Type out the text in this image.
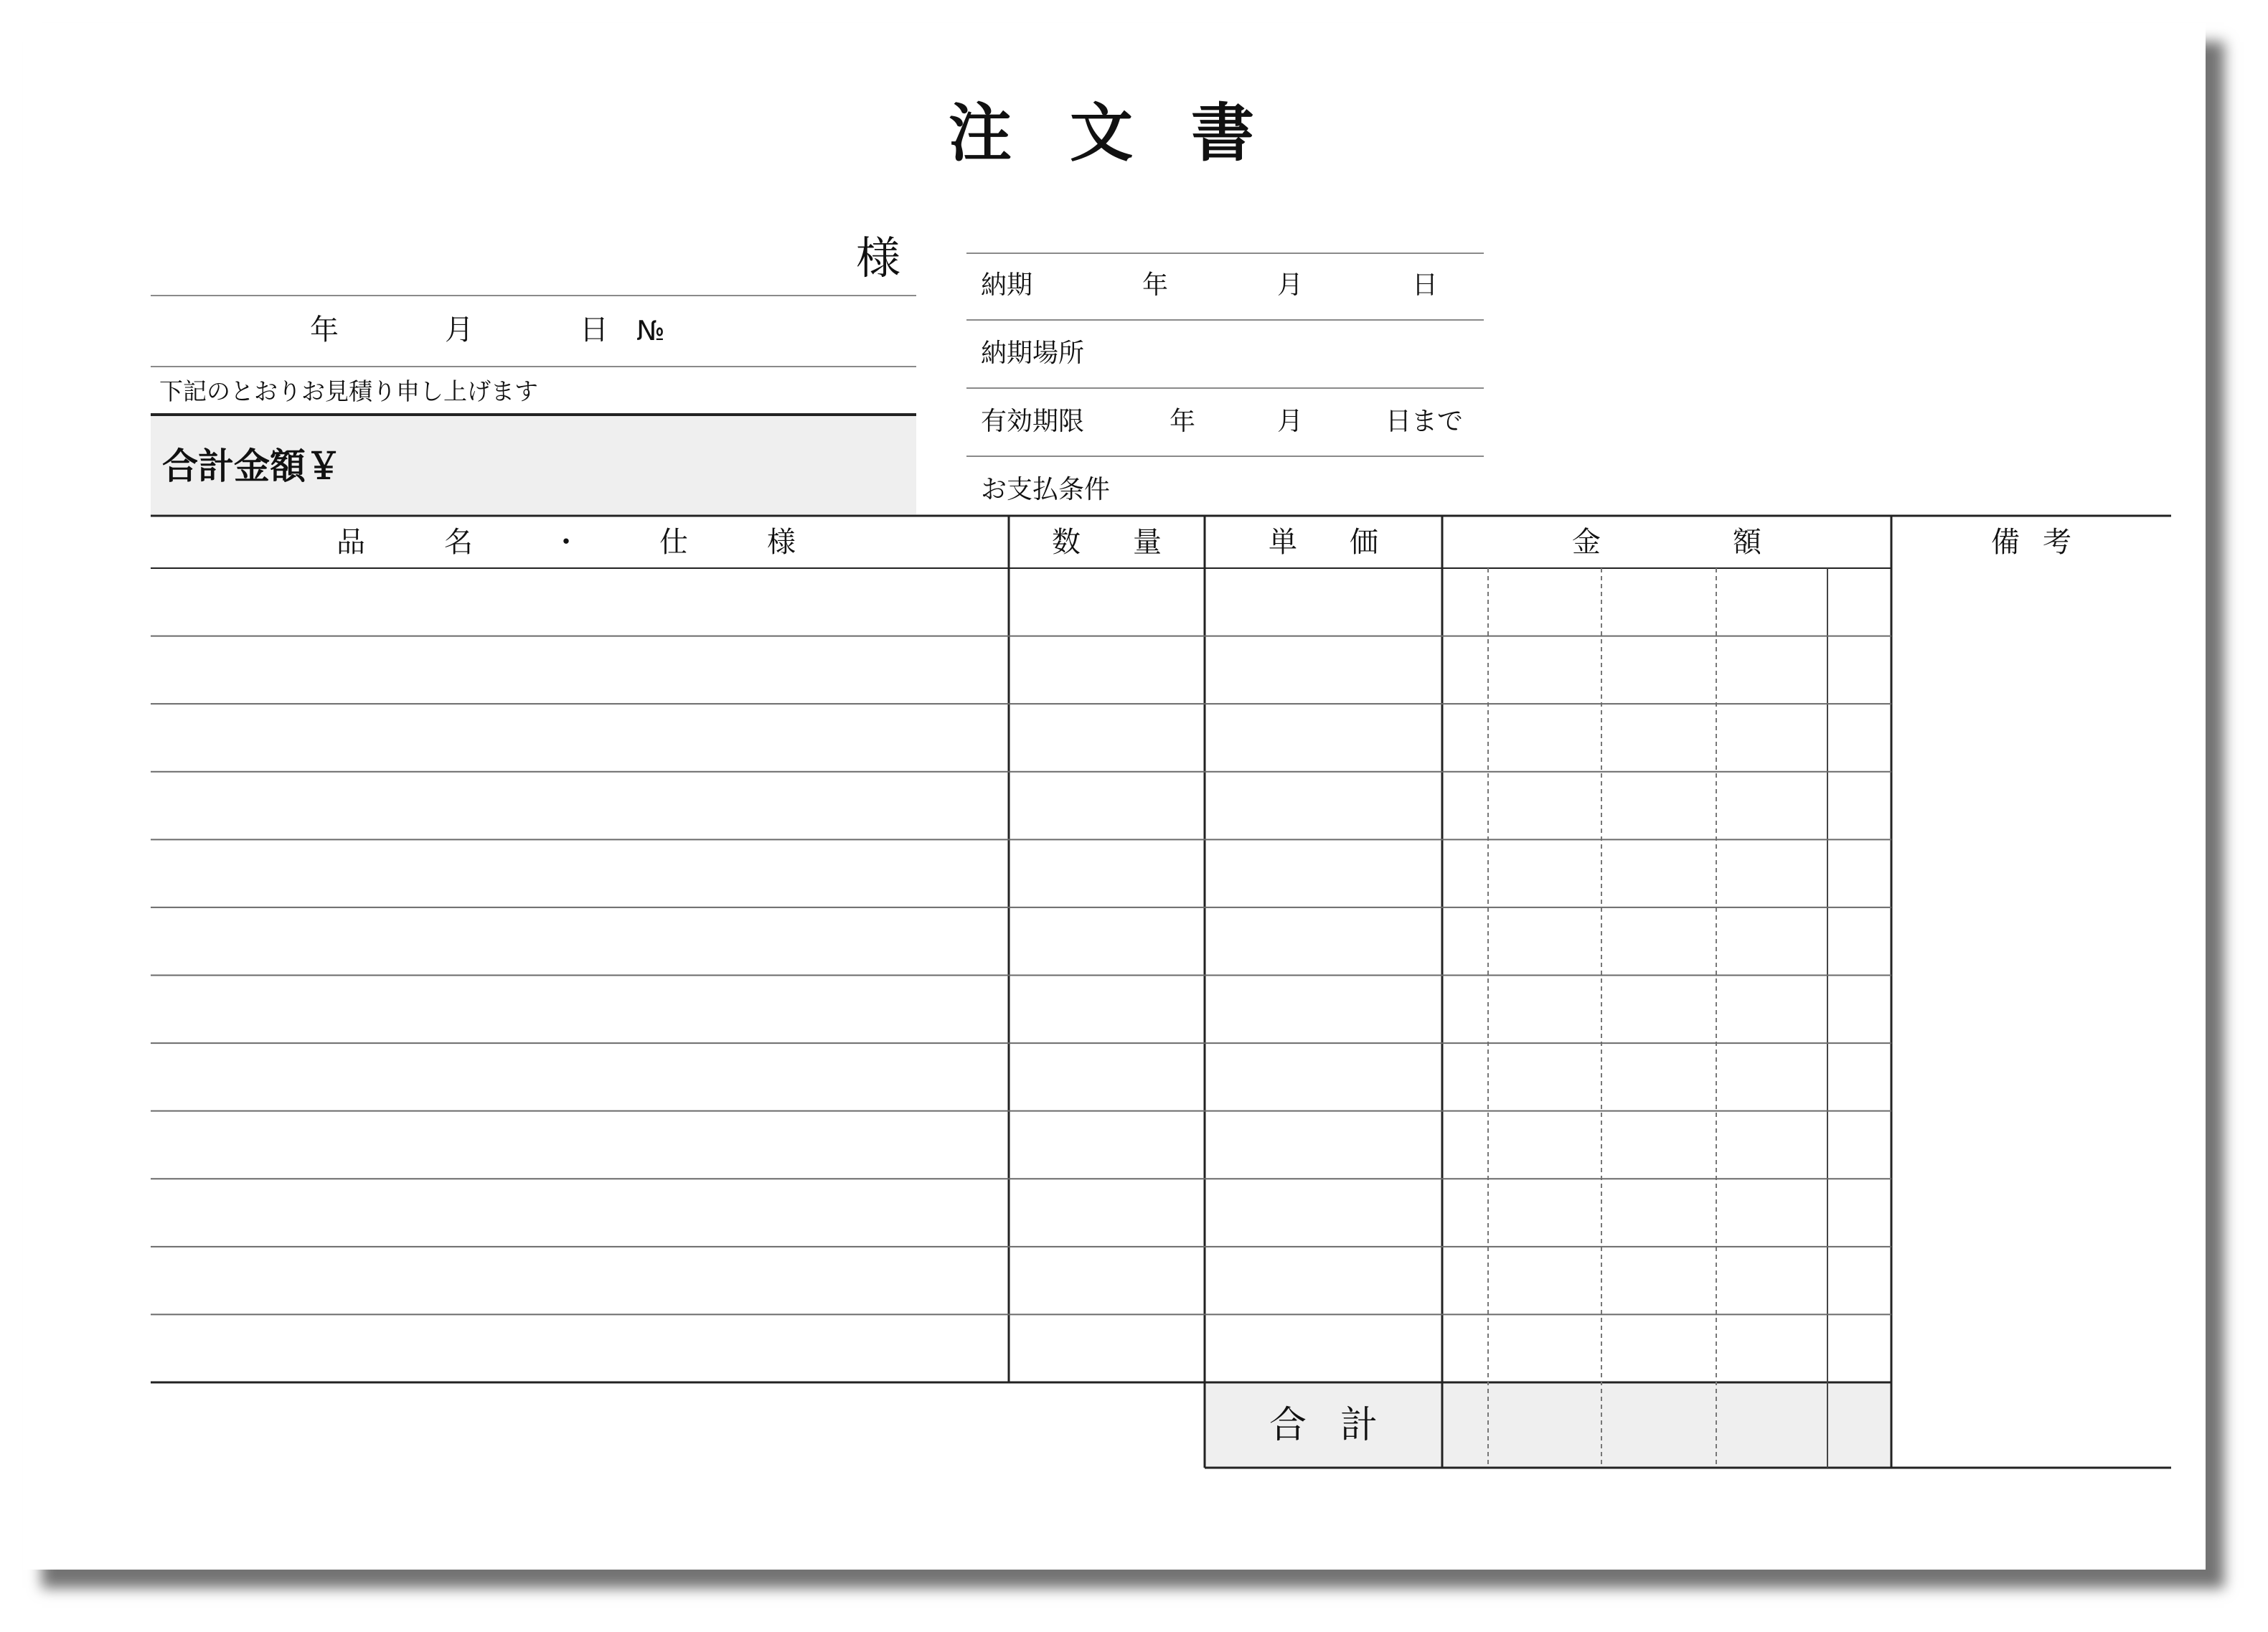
注文書
様
年	月	日 №
下記のとおりお見積り申し上げます
合計金額￥
納期	年	月	日
納期場所
有効期限	年	月	日まで
お支払条件
品名・仕様	数量	単価	金額	備考
合計
